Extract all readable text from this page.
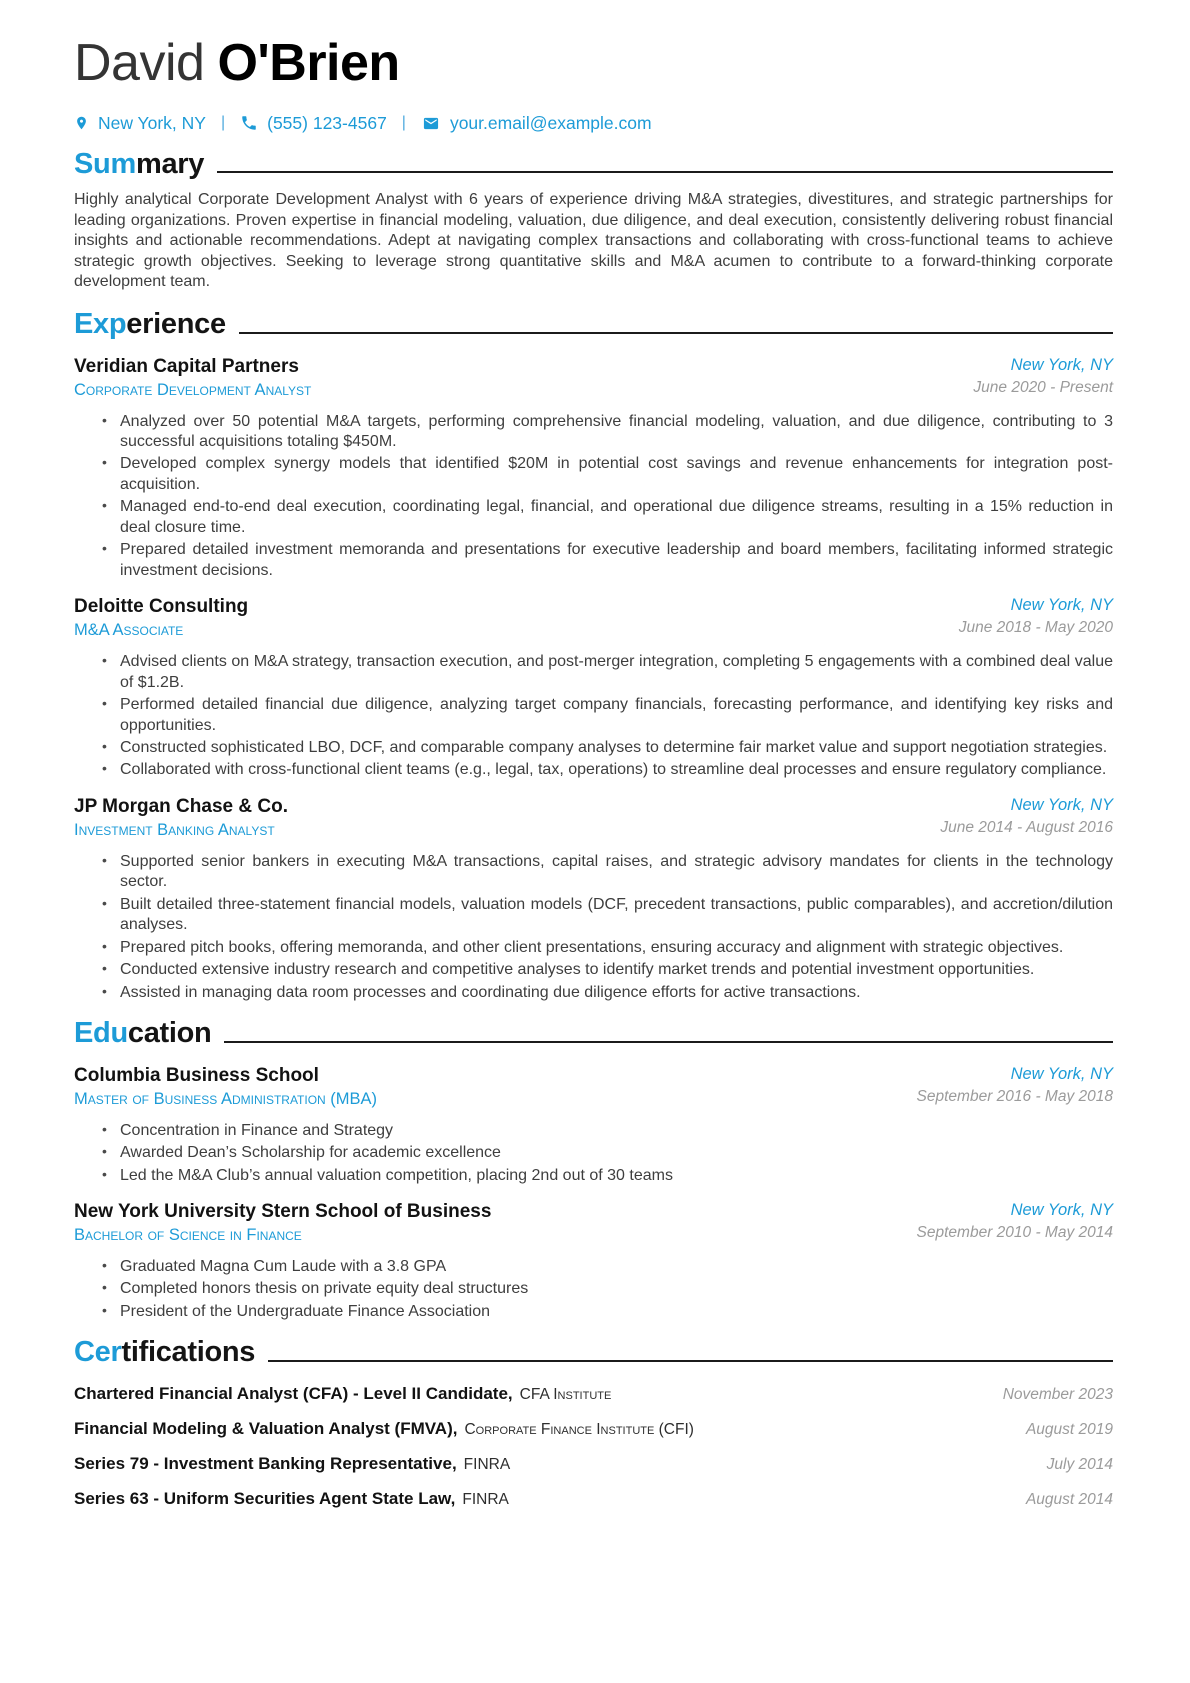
David O'Brien
New York, NY | (555) 123-4567 |	your.email@example.com
Summary

Highly analytical Corporate Development Analyst with 6 years of experience driving M&A strategies, divestitures, and strategic partnerships for leading organizations. Proven expertise in financial modeling, valuation, due diligence, and deal execution, consistently delivering robust financial insights and actionable recommendations. Adept at navigating complex transactions and collaborating with cross-functional teams to achieve strategic growth objectives. Seeking to leverage strong quantitative skills and M&A acumen to contribute to a forward-thinking corporate development team.

Experience
Veridian Capital Partners
Corporate Development Analyst
New York, NY
June 2020 - Present
• Analyzed over 50 potential M&A targets, performing comprehensive financial modeling, valuation, and due diligence, contributing to 3 successful acquisitions totaling $450M.
• Developed complex synergy models that identified $20M in potential cost savings and revenue enhancements for integration post-acquisition.
• Managed end-to-end deal execution, coordinating legal, financial, and operational due diligence streams, resulting in a 15% reduction in deal closure time.
• Prepared detailed investment memoranda and presentations for executive leadership and board members, facilitating informed strategic investment decisions.
Deloitte Consulting
M&A Associate
New York, NY
June 2018 - May 2020
• Advised clients on M&A strategy, transaction execution, and post-merger integration, completing 5 engagements with a combined deal value of $1.2B.
• Performed detailed financial due diligence, analyzing target company financials, forecasting performance, and identifying key risks and opportunities.
• Constructed sophisticated LBO, DCF, and comparable company analyses to determine fair market value and support negotiation strategies.
• Collaborated with cross-functional client teams (e.g., legal, tax, operations) to streamline deal processes and ensure regulatory compliance.
JP Morgan Chase & Co.
Investment Banking Analyst
New York, NY
June 2014 - August 2016
• Supported senior bankers in executing M&A transactions, capital raises, and strategic advisory mandates for clients in the technology sector.
• Built detailed three-statement financial models, valuation models (DCF, precedent transactions, public comparables), and accretion/dilution analyses.
• Prepared pitch books, offering memoranda, and other client presentations, ensuring accuracy and alignment with strategic objectives.
• Conducted extensive industry research and competitive analyses to identify market trends and potential investment opportunities.
• Assisted in managing data room processes and coordinating due diligence efforts for active transactions.
Education
Columbia Business School
Master of Business Administration (MBA)
New York, NY
September 2016 - May 2018
• Concentration in Finance and Strategy
• Awarded Dean’s Scholarship for academic excellence
• Led the M&A Club’s annual valuation competition, placing 2nd out of 30 teams
New York University Stern School of Business
Bachelor of Science in Finance
New York, NY
September 2010 - May 2014
• Graduated Magna Cum Laude with a 3.8 GPA
• Completed honors thesis on private equity deal structures
• President of the Undergraduate Finance Association
Certifications
Chartered Financial Analyst (CFA) - Level II Candidate, CFA Institute	November 2023
Financial Modeling & Valuation Analyst (FMVA), Corporate Finance Institute (CFI)	August 2019
Series 79 - Investment Banking Representative, FINRA	July 2014
Series 63 - Uniform Securities Agent State Law, FINRA	August 2014
